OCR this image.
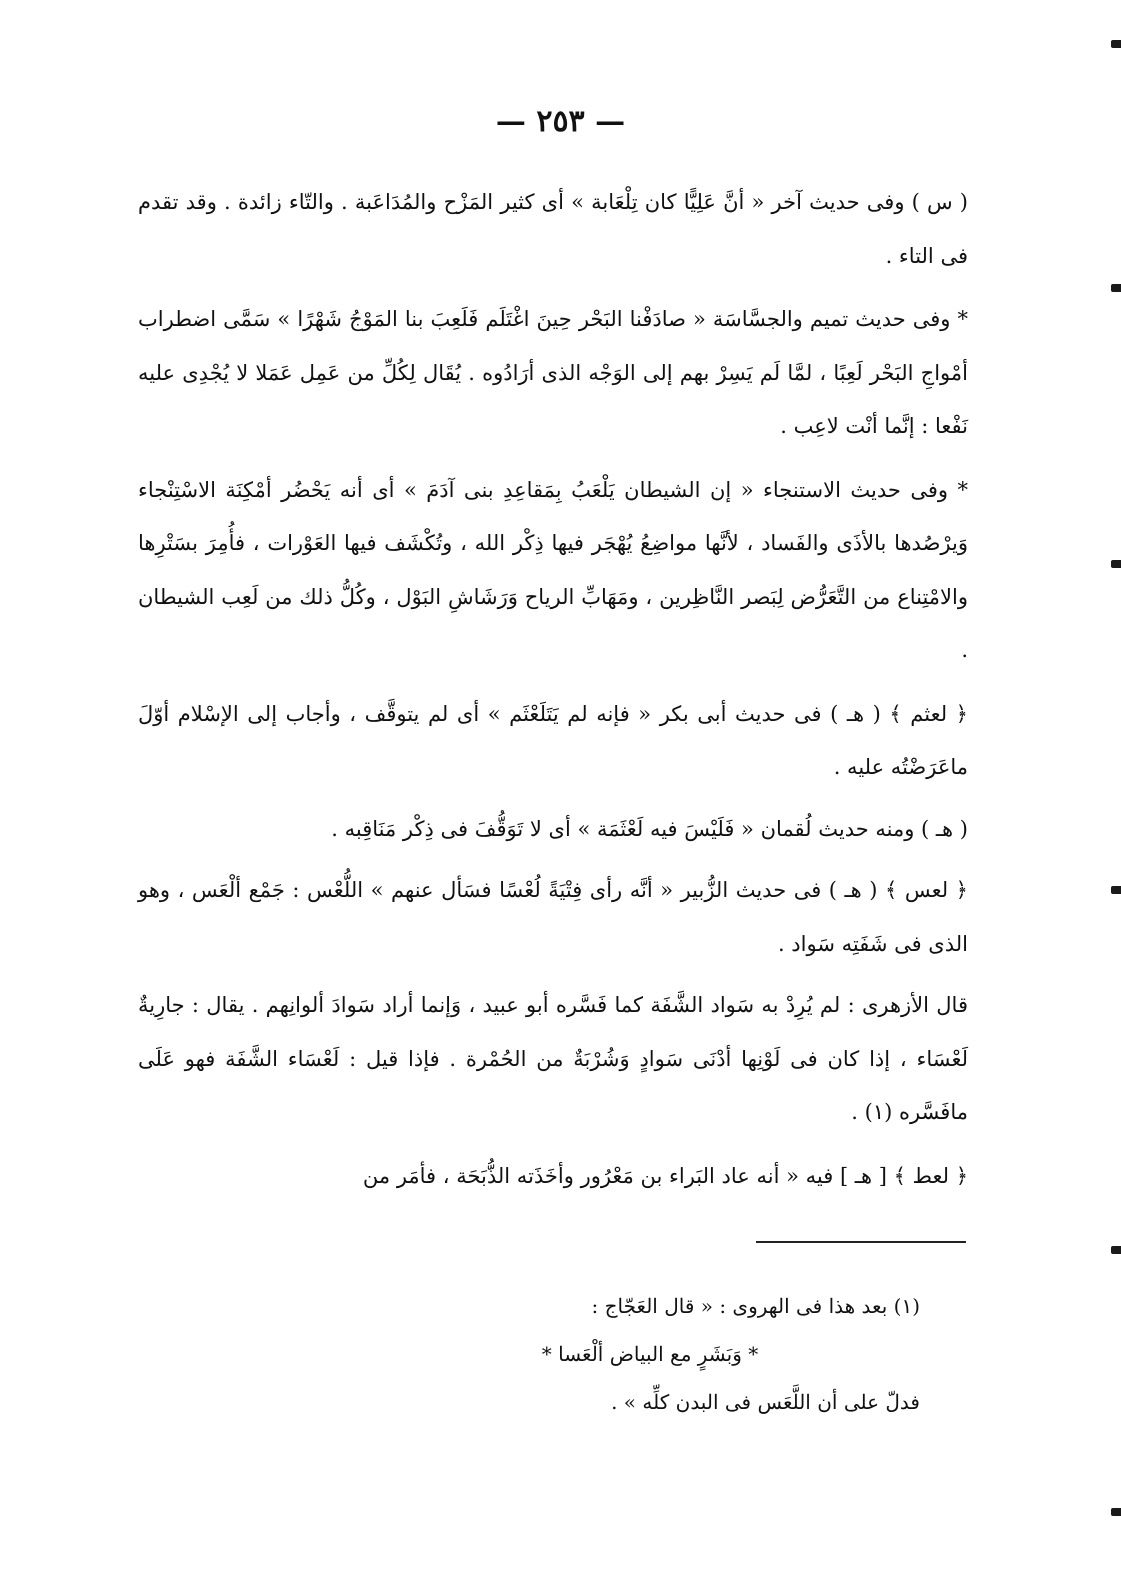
— ٢٥٣ —

( س ) وفى حديث آخر « أنَّ عَلِيًّا كان تِلْعَابة » أى كثير المَزْح والمُدَاعَبة . والتّاء زائدة . وقد تقدم فى التاء .

* وفى حديث تميم والجسَّاسَة « صادَفْنا البَحْر حِينَ اغْتَلَم فَلَعِبَ بنا المَوْجُ شَهْرًا » سَمَّى اضطراب أمْواجِ البَحْر لَعِبًا ، لمَّا لَم يَسِرْ بهم إلى الوَجْه الذى أرَادُوه . يُقَال لِكُلِّ من عَمِل عَمَلا لا يُجْدِى عليه نَفْعا : إنَّما أنْت لاعِب .

* وفى حديث الاستنجاء « إن الشيطان يَلْعَبُ بِمَقاعِدِ بنى آدَمَ » أى أنه يَحْضُر أمْكِنَة الاسْتِنْجاء وَيرْصُدها بالأذَى والفَساد ، لأنَّها مواضِعُ يُهْجَر فيها ذِكْر الله ، وتُكْشَف فيها العَوْرات ، فأُمِرَ بسَتْرِها والامْتِناع من التَّعَرُّض لِبَصر النَّاظِرين ، ومَهَابِّ الرياح وَرَشَاشِ البَوْل ، وكُلُّ ذلك من لَعِب الشيطان .

﴿ لعثم ﴾ ( هـ ) فى حديث أبى بكر « فإنه لم يَتَلَعْثَم » أى لم يتوقَّف ، وأجاب إلى الإسْلام أوّلَ ماعَرَضْتُه عليه .

( هـ ) ومنه حديث لُقمان « فَلَيْسَ فيه لَعْثَمَة » أى لا تَوَقُّفَ فى ذِكْر مَنَاقِبه .

﴿ لعس ﴾ ( هـ ) فى حديث الزُّبير « أنَّه رأى فِتْيَةً لُعْسًا فسَأل عنهم » اللُّعْس : جَمْع ألْعَس ، وهو الذى فى شَفَتِه سَواد .

قال الأزهرى : لم يُرِدْ به سَواد الشَّفَة كما فَسَّره أبو عبيد ، وَإنما أراد سَوادَ ألوانِهم . يقال : جارِيةٌ لَعْسَاء ، إذا كان فى لَوْنِها أدْنَى سَوادٍ وَشُرْبَةٌ من الحُمْرة . فإذا قيل : لَعْسَاء الشَّفَة فهو عَلَى مافَسَّره (١) .

﴿ لعط ﴾ [ هـ ] فيه « أنه عاد البَراء بن مَعْرُور وأخَذَته الذُّبَحَة ، فأمَر من

(١) بعد هذا فى الهروى : « قال العَجّاج :
* وَبَشَرٍ مع البياض ألْعَسا *
فدلّ على أن اللَّعَس فى البدن كلِّه » .
